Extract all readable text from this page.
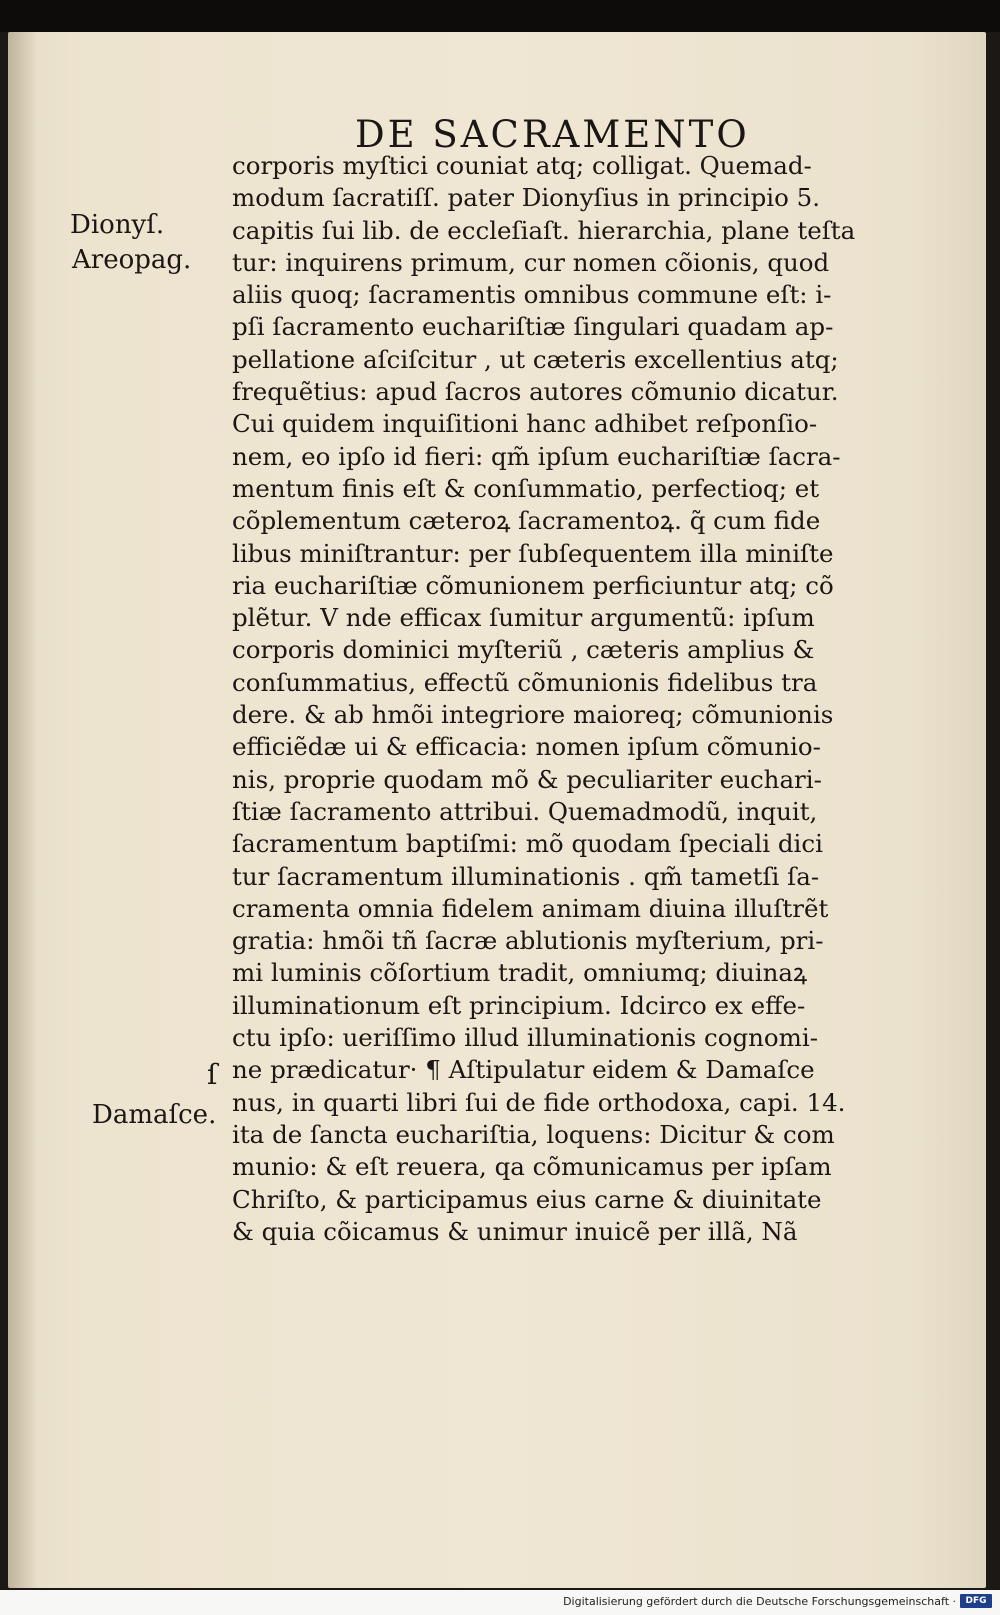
DE SACRAMENTO
Dionyſ.
Areopag.
ſ
Damaſce.
corporis myſtici couniat atq; colligat. Quemad-
modum ſacratiſſ. pater Dionyſius in principio 5.
capitis ſui lib. de eccleſiaſt. hierarchia, plane teſta
tur: inquirens primum, cur nomen cõionis, quod
aliis quoq; ſacramentis omnibus commune eſt: i-
pſi ſacramento euchariſtiæ ſingulari quadam ap-
pellatione aſciſcitur , ut cæteris excellentius atq;
frequẽtius: apud ſacros autores cõmunio dicatur.
Cui quidem inquiſitioni hanc adhibet reſponſio-
nem, eo ipſo id fieri: qm̃ ipſum euchariſtiæ ſacra-
mentum finis eſt & conſummatio, perfectioq; et
cõplementum cæteroꝝ ſacramentoꝝ. q̃ cum fide
libus miniſtrantur: per ſubſequentem illa miniſte
ria euchariſtiæ cõmunionem perficiuntur atq; cõ
plẽtur. V nde efficax ſumitur argumentũ: ipſum
corporis dominici myſteriũ , cæteris amplius &
conſummatius, effectũ cõmunionis fidelibus tra
dere. & ab hmõi integriore maioreq; cõmunionis
efficiẽdæ ui & efficacia: nomen ipſum cõmunio-
nis, proprie quodam mõ & peculiariter euchari-
ſtiæ ſacramento attribui. Quemadmodũ, inquit,
ſacramentum baptiſmi: mõ quodam ſpeciali dici
tur ſacramentum illuminationis . qm̃ tametſi ſa-
cramenta omnia fidelem animam diuina illuſtrẽt
gratia: hmõi tñ ſacræ ablutionis myſterium, pri-
mi luminis cõſortium tradit, omniumq; diuinaꝝ
illuminationum eſt principium. Idcirco ex effe-
ctu ipſo: ueriſſimo illud illuminationis cognomi-
ne prædicatur· ¶ Aſtipulatur eidem & Damaſce
nus, in quarti libri ſui de fide orthodoxa, capi. 14.
ita de ſancta euchariſtia, loquens: Dicitur & com
munio: & eſt reuera, qa cõmunicamus per ipſam
Chriſto, & participamus eius carne & diuinitate
& quia cõicamus & unimur inuicẽ per illã, Nã
Digitalisierung gefördert durch die Deutsche Forschungsgemeinschaft ·	DFG
